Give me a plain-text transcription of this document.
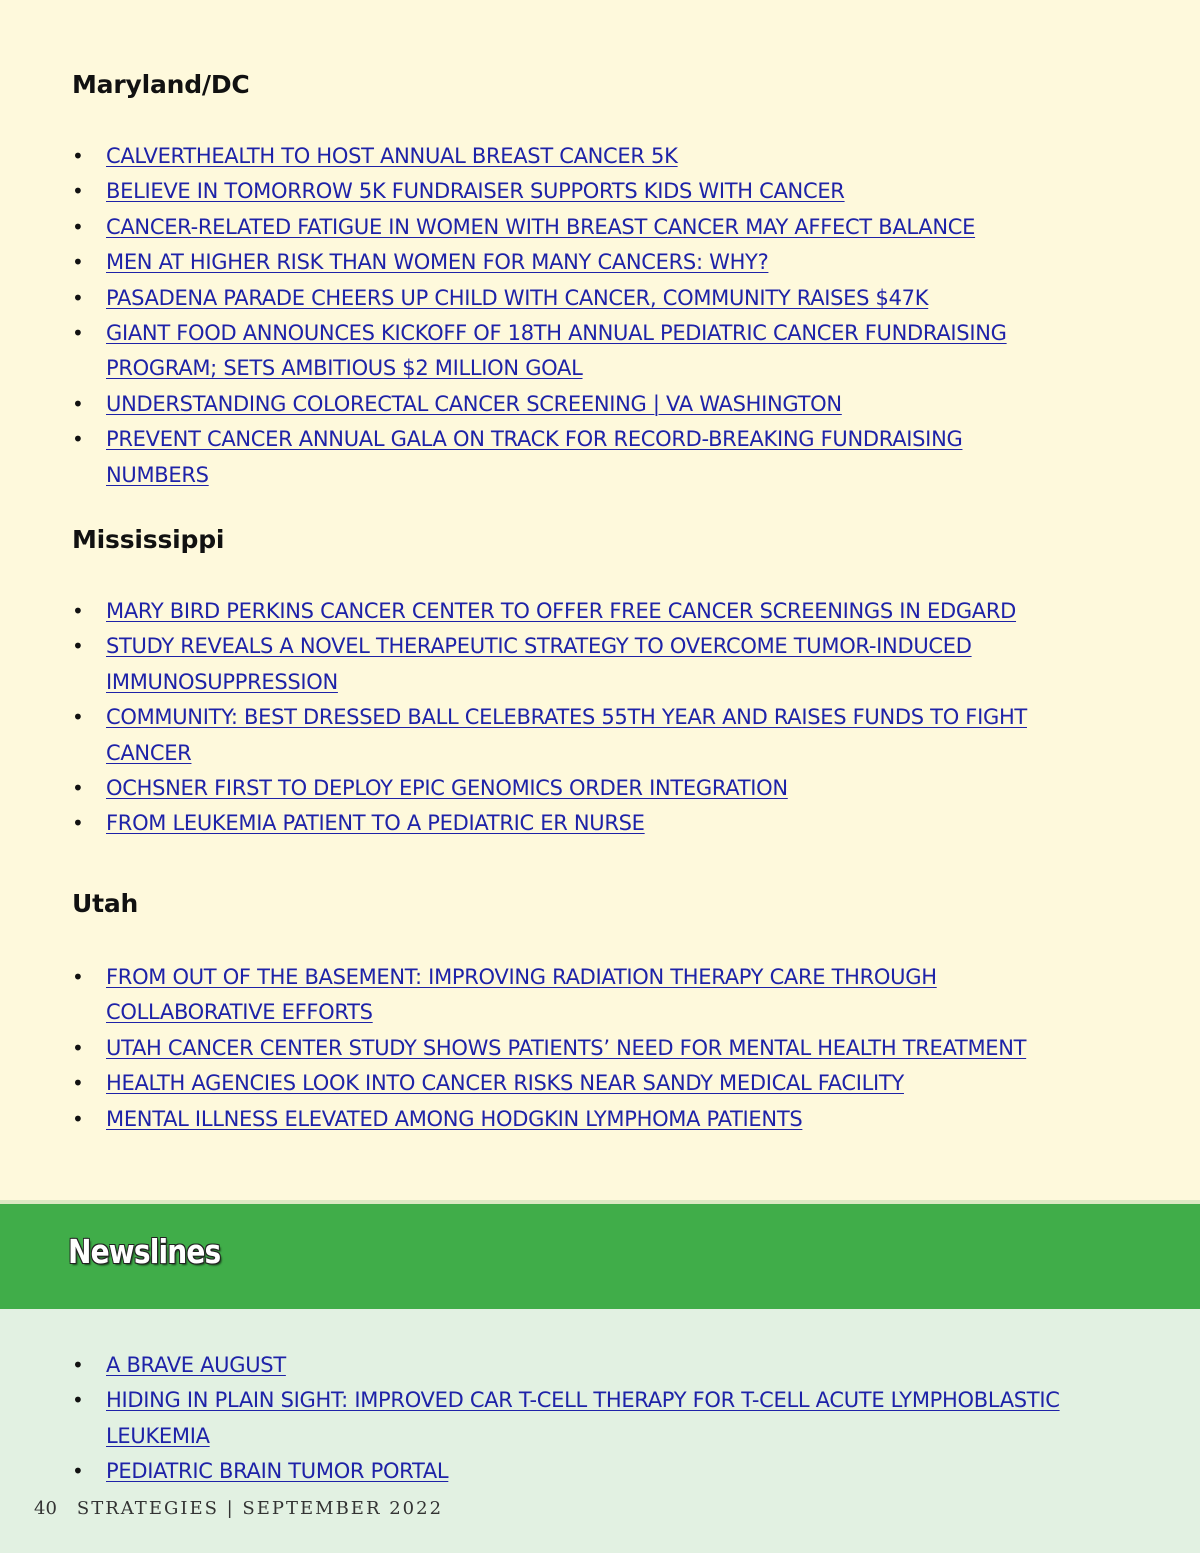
Maryland/DC
• CALVERTHEALTH TO HOST ANNUAL BREAST CANCER 5K
• BELIEVE IN TOMORROW 5K FUNDRAISER SUPPORTS KIDS WITH CANCER
• CANCER-RELATED FATIGUE IN WOMEN WITH BREAST CANCER MAY AFFECT BALANCE
• MEN AT HIGHER RISK THAN WOMEN FOR MANY CANCERS: WHY?
• PASADENA PARADE CHEERS UP CHILD WITH CANCER, COMMUNITY RAISES $47K
• GIANT FOOD ANNOUNCES KICKOFF OF 18TH ANNUAL PEDIATRIC CANCER FUNDRAISING
PROGRAM; SETS AMBITIOUS $2 MILLION GOAL
• UNDERSTANDING COLORECTAL CANCER SCREENING | VA WASHINGTON
• PREVENT CANCER ANNUAL GALA ON TRACK FOR RECORD-BREAKING FUNDRAISING
NUMBERS
Mississippi
• MARY BIRD PERKINS CANCER CENTER TO OFFER FREE CANCER SCREENINGS IN EDGARD
• STUDY REVEALS A NOVEL THERAPEUTIC STRATEGY TO OVERCOME TUMOR-INDUCED
IMMUNOSUPPRESSION
• COMMUNITY: BEST DRESSED BALL CELEBRATES 55TH YEAR AND RAISES FUNDS TO FIGHT
CANCER
• OCHSNER FIRST TO DEPLOY EPIC GENOMICS ORDER INTEGRATION
• FROM LEUKEMIA PATIENT TO A PEDIATRIC ER NURSE
Utah
• FROM OUT OF THE BASEMENT: IMPROVING RADIATION THERAPY CARE THROUGH
COLLABORATIVE EFFORTS
• UTAH CANCER CENTER STUDY SHOWS PATIENTS’ NEED FOR MENTAL HEALTH TREATMENT
• HEALTH AGENCIES LOOK INTO CANCER RISKS NEAR SANDY MEDICAL FACILITY
• MENTAL ILLNESS ELEVATED AMONG HODGKIN LYMPHOMA PATIENTS
Newslines
• A BRAVE AUGUST
• HIDING IN PLAIN SIGHT: IMPROVED CAR T-CELL THERAPY FOR T-CELL ACUTE LYMPHOBLASTIC
LEUKEMIA
• PEDIATRIC BRAIN TUMOR PORTAL
40 STRATEGIES | SEPTEMBER 2022
